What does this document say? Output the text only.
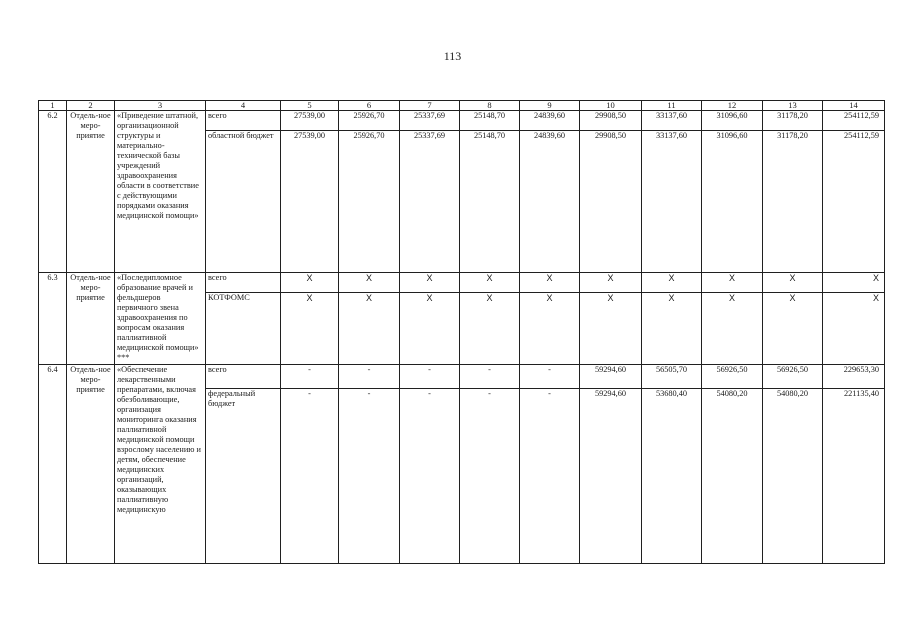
113
1	2	3	4	5	6	7	8	9	10	11	12	13	14
6.2	Отдель-ное меро-приятие	«Приведение штатной, организационной структуры и материально-технической базы учреждений здравоохранения области в соответствие с действующими порядками оказания медицинской помощи»	всего	27539,00	25926,70	25337,69	25148,70	24839,60	29908,50	33137,60	31096,60	31178,20	254112,59
			областной бюджет	27539,00	25926,70	25337,69	25148,70	24839,60	29908,50	33137,60	31096,60	31178,20	254112,59
6.3	Отдель-ное меро-приятие	«Последипломное образование врачей и фельдшеров первичного звена здравоохранения по вопросам оказания паллиативной медицинской помощи» ***	всего	X	X	X	X	X	X	X	X	X	X
			КОТФОМС	X	X	X	X	X	X	X	X	X	X
6.4	Отдель-ное меро-приятие	«Обеспечение лекарственными препаратами, включая обезболивающие, организация мониторинга оказания паллиативной медицинской помощи взрослому населению и детям, обеспечение медицинских организаций, оказывающих паллиативную медицинскую	всего	-	-	-	-	-	59294,60	56505,70	56926,50	56926,50	229653,30
			федеральный бюджет	-	-	-	-	-	59294,60	53680,40	54080,20	54080,20	221135,40
